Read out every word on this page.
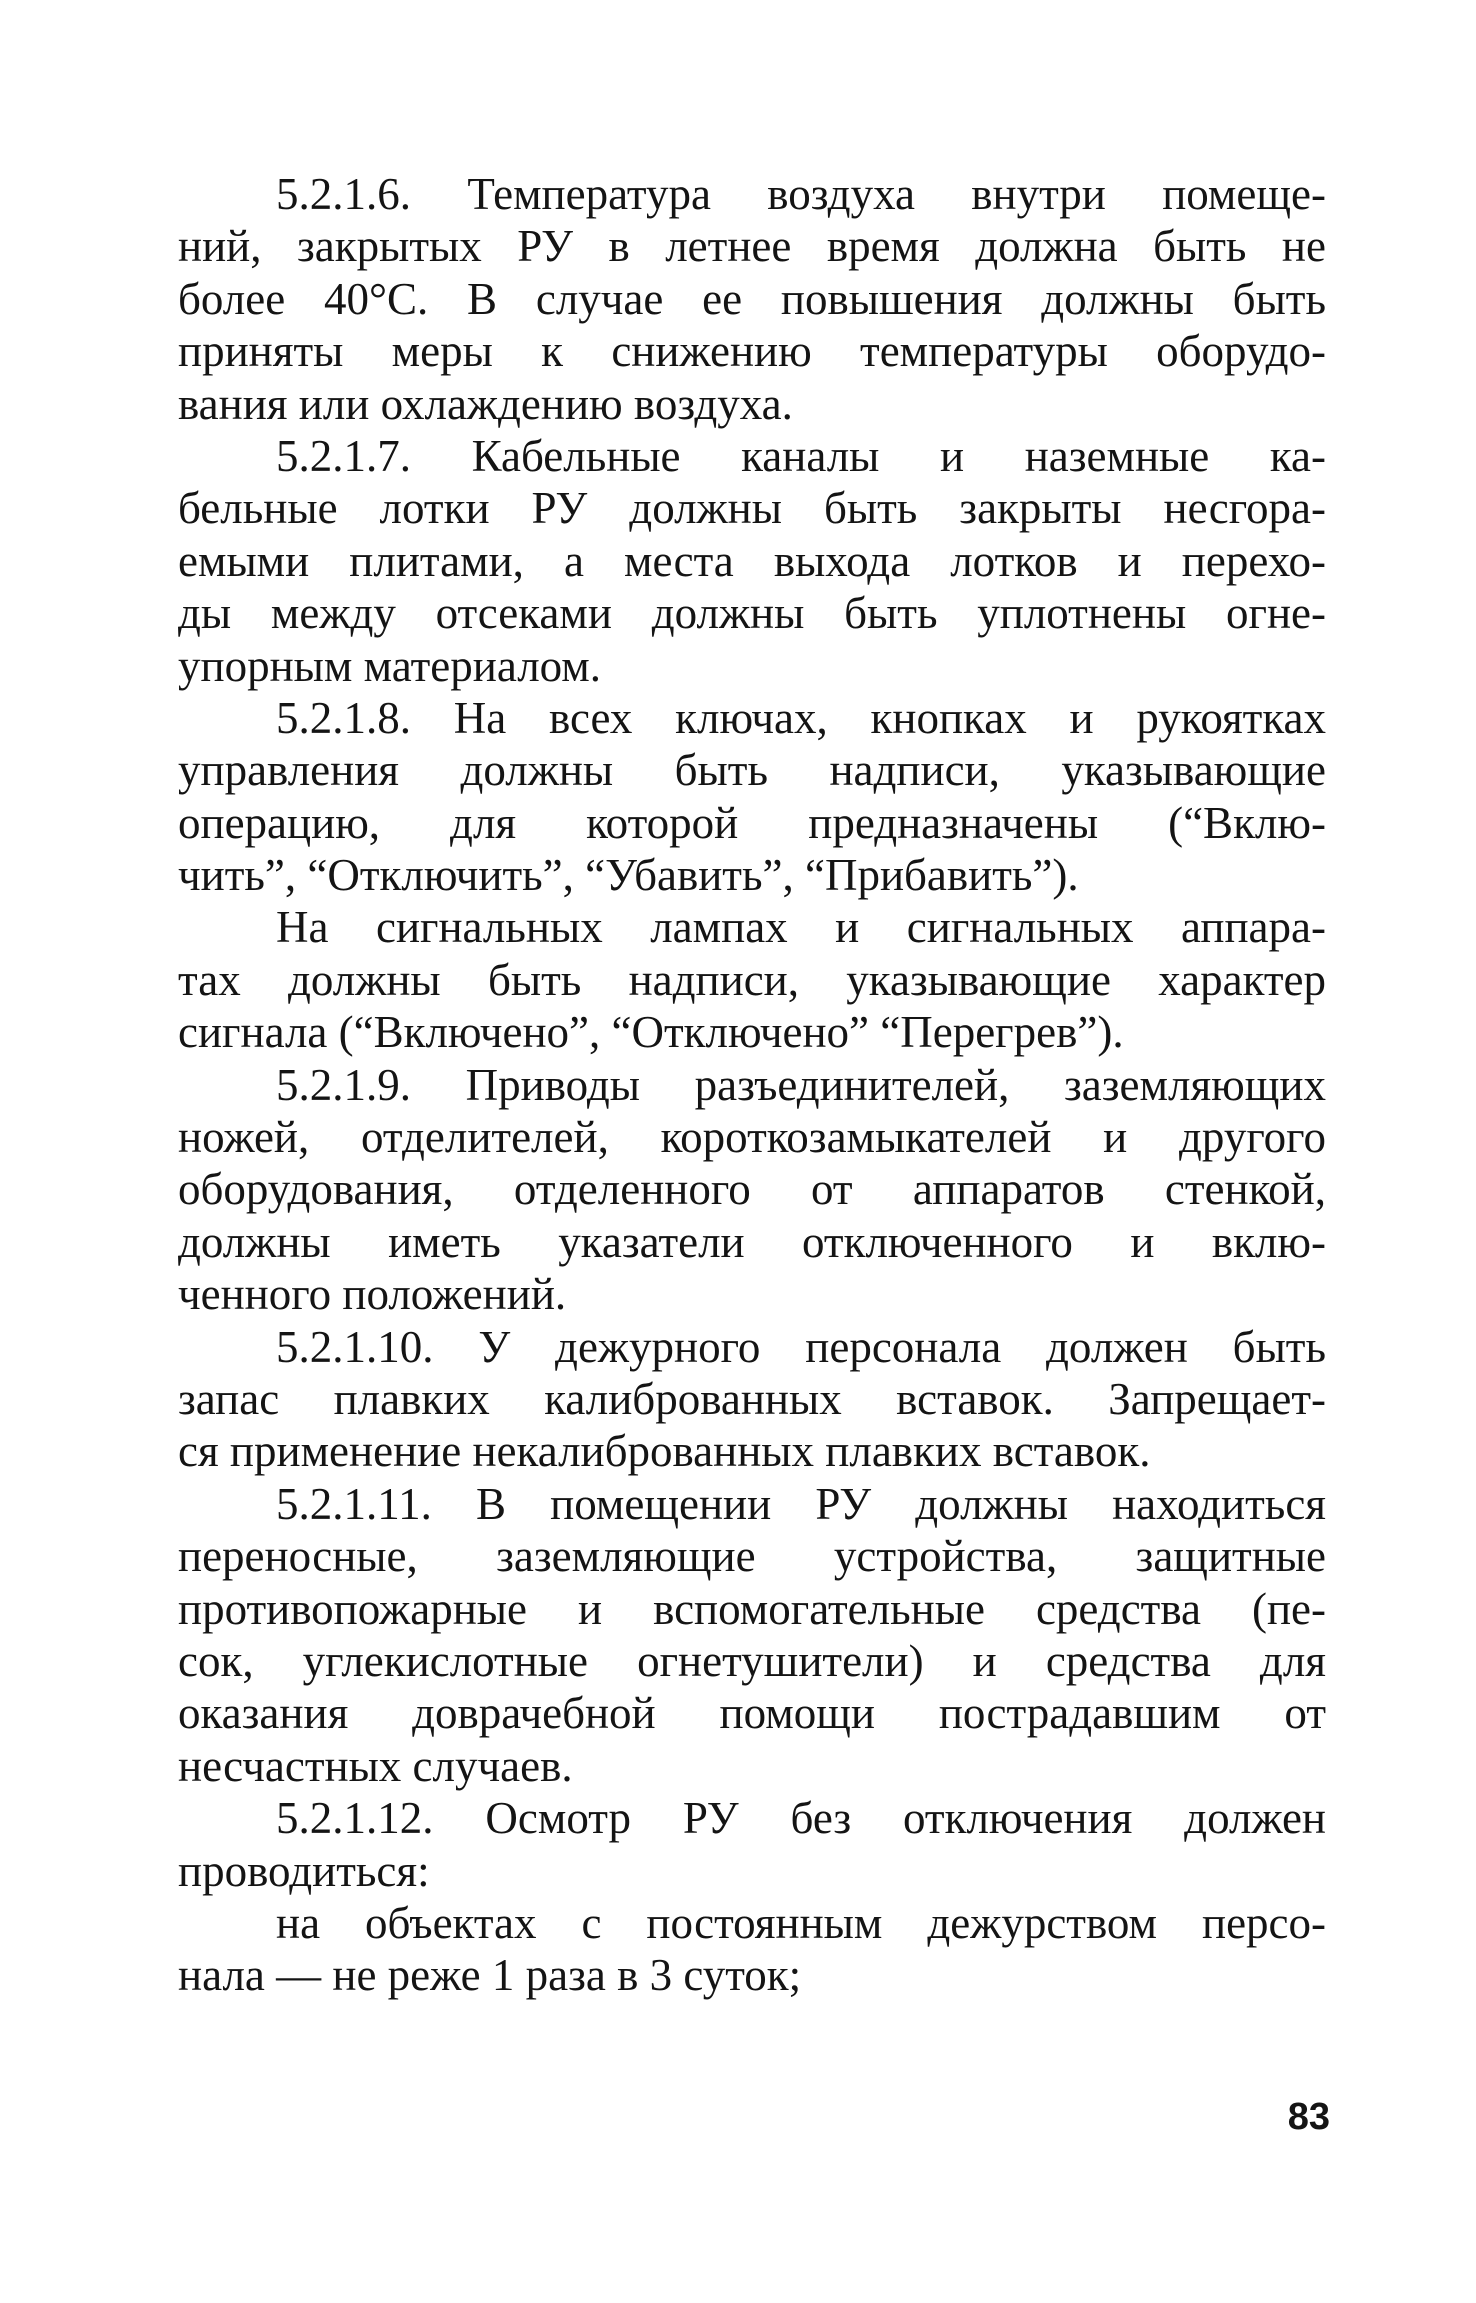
5.2.1.6. Температура воздуха внутри помеще-
ний, закрытых РУ в летнее время должна быть не
более 40°С. В случае ее повышения должны быть
приняты меры к снижению температуры оборудо-
вания или охлаждению воздуха.
5.2.1.7. Кабельные каналы и наземные ка-
бельные лотки РУ должны быть закрыты несгора-
емыми плитами, а места выхода лотков и перехо-
ды между отсеками должны быть уплотнены огне-
упорным материалом.
5.2.1.8. На всех ключах, кнопках и рукоятках
управления должны быть надписи, указывающие
операцию, для которой предназначены (“Вклю-
чить”, “Отключить”, “Убавить”, “Прибавить”).
На сигнальных лампах и сигнальных аппара-
тах должны быть надписи, указывающие характер
сигнала (“Включено”, “Отключено” “Перегрев”).
5.2.1.9. Приводы разъединителей, заземляющих
ножей, отделителей, короткозамыкателей и другого
оборудования, отделенного от аппаратов стенкой,
должны иметь указатели отключенного и вклю-
ченного положений.
5.2.1.10. У дежурного персонала должен быть
запас плавких калиброванных вставок. Запрещает-
ся применение некалиброванных плавких вставок.
5.2.1.11. В помещении РУ должны находиться
переносные, заземляющие устройства, защитные
противопожарные и вспомогательные средства (пе-
сок, углекислотные огнетушители) и средства для
оказания доврачебной помощи пострадавшим от
несчастных случаев.
5.2.1.12. Осмотр РУ без отключения должен
проводиться:
на объектах с постоянным дежурством персо-
нала — не реже 1 раза в 3 суток;
83
